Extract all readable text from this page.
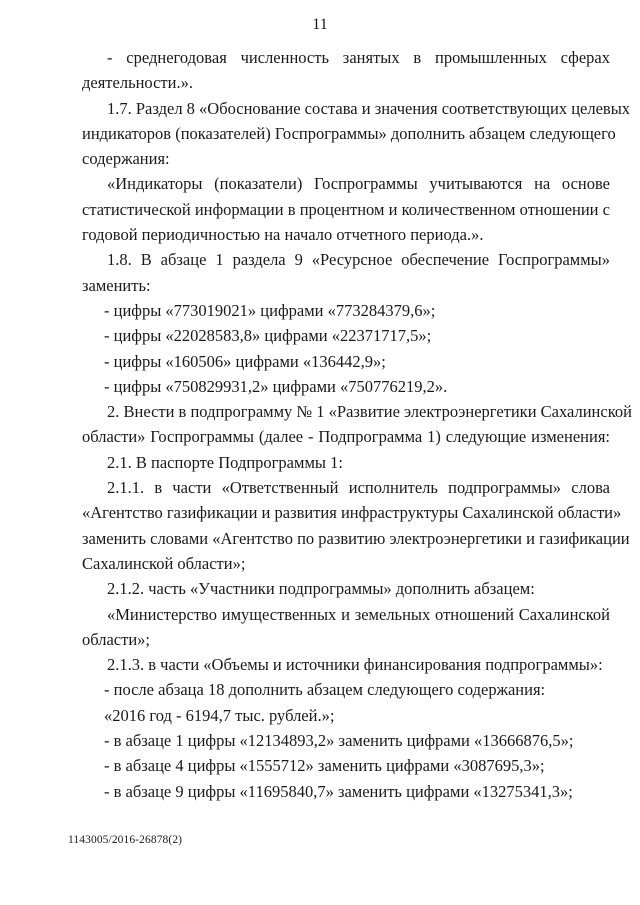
11
- среднегодовая численность занятых в промышленных сферах
деятельности.».
1.7. Раздел 8 «Обоснование состава и значения соответствующих целевых
индикаторов (показателей) Госпрограммы» дополнить абзацем следующего
содержания:
«Индикаторы (показатели) Госпрограммы учитываются на основе
статистической информации в процентном и количественном отношении с
годовой периодичностью на начало отчетного периода.».
1.8. В абзаце 1 раздела 9 «Ресурсное обеспечение Госпрограммы»
заменить:
- цифры «773019021» цифрами «773284379,6»;
- цифры «22028583,8» цифрами «22371717,5»;
- цифры «160506» цифрами «136442,9»;
- цифры «750829931,2» цифрами «750776219,2».
2. Внести в подпрограмму № 1 «Развитие электроэнергетики Сахалинской
области» Госпрограммы (далее - Подпрограмма 1) следующие изменения:
2.1. В паспорте Подпрограммы 1:
2.1.1. в части «Ответственный исполнитель подпрограммы» слова
«Агентство газификации и развития инфраструктуры Сахалинской области»
заменить словами «Агентство по развитию электроэнергетики и газификации
Сахалинской области»;
2.1.2. часть «Участники подпрограммы» дополнить абзацем:
«Министерство имущественных и земельных отношений Сахалинской
области»;
2.1.3. в части «Объемы и источники финансирования подпрограммы»:
- после абзаца 18 дополнить абзацем следующего содержания:
«2016 год - 6194,7 тыс. рублей.»;
- в абзаце 1 цифры «12134893,2» заменить цифрами «13666876,5»;
- в абзаце 4 цифры «1555712» заменить цифрами «3087695,3»;
- в абзаце 9 цифры «11695840,7» заменить цифрами «13275341,3»;
1143005/2016-26878(2)
